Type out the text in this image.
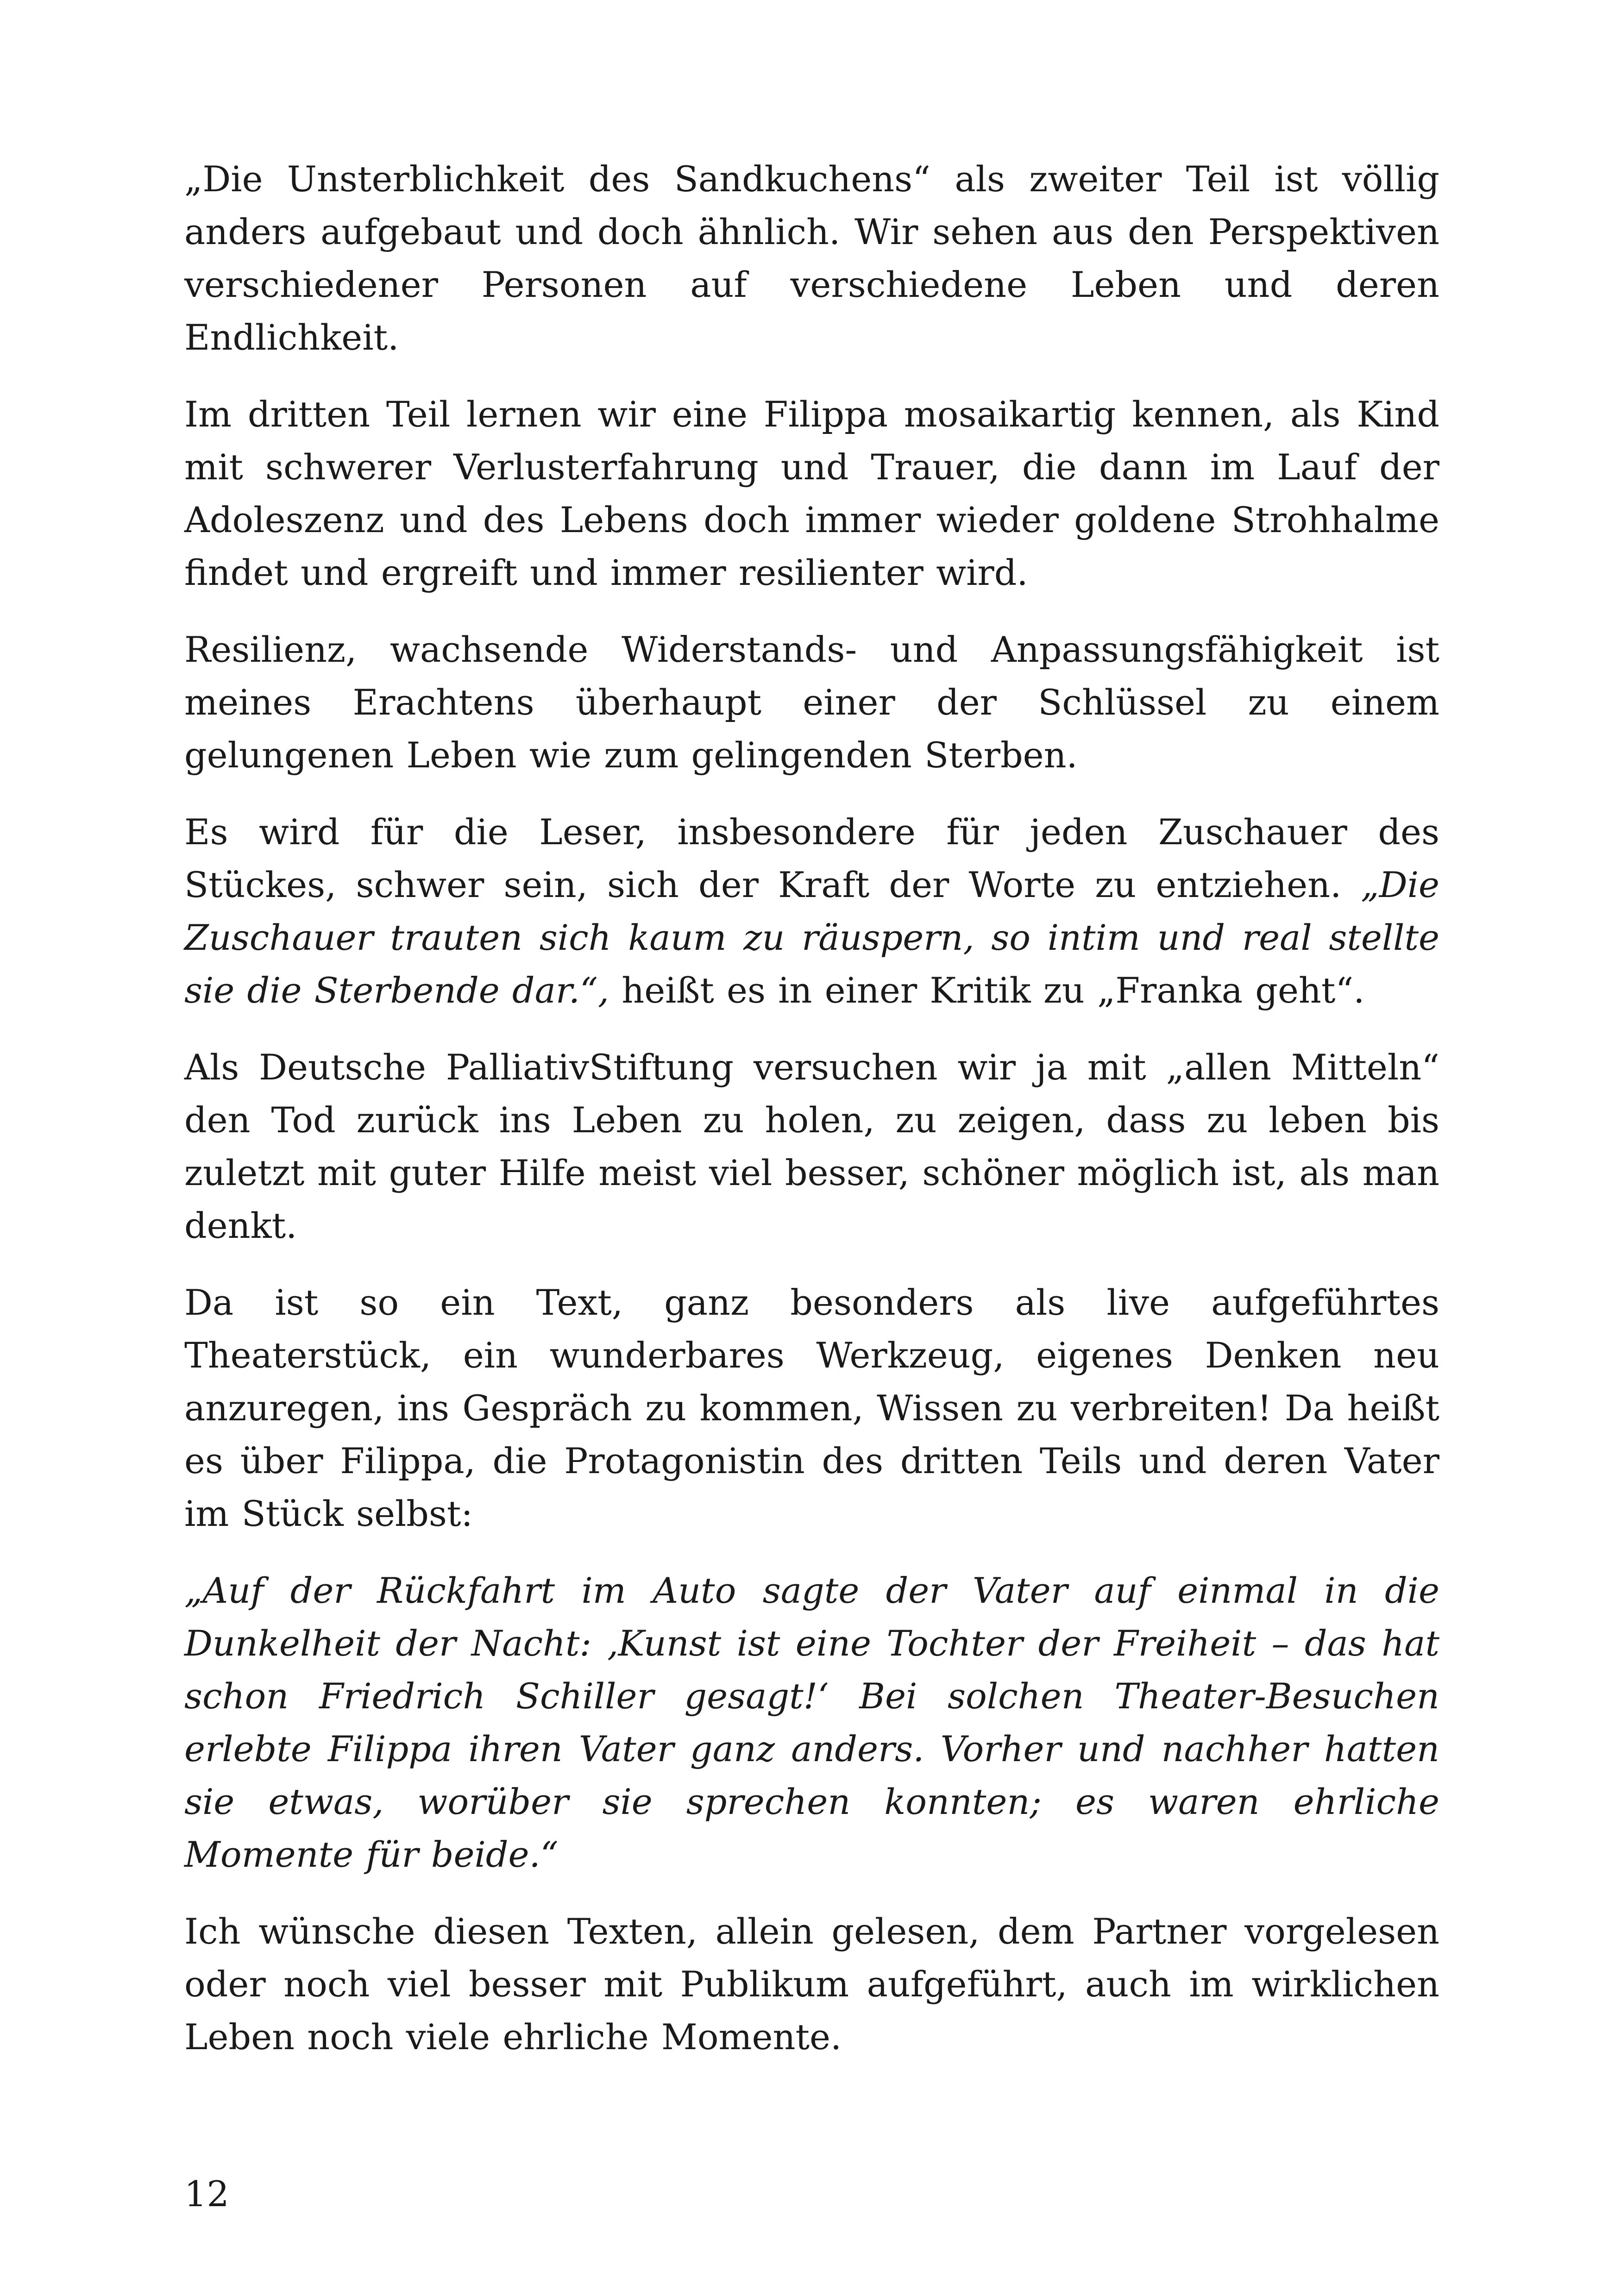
„Die Unsterblichkeit des Sandkuchens“ als zweiter Teil ist völlig anders aufgebaut und doch ähnlich. Wir sehen aus den Perspektiven verschiedener Personen auf verschiedene Leben und deren Endlichkeit.

Im dritten Teil lernen wir eine Filippa mosaikartig kennen, als Kind mit schwerer Verlusterfahrung und Trauer, die dann im Lauf der Adoleszenz und des Lebens doch immer wieder goldene Strohhalme findet und ergreift und immer resilienter wird.

Resilienz, wachsende Widerstands- und Anpassungsfähigkeit ist meines Erachtens überhaupt einer der Schlüssel zu einem gelungenen Leben wie zum gelingenden Sterben.

Es wird für die Leser, insbesondere für jeden Zuschauer des Stückes, schwer sein, sich der Kraft der Worte zu entziehen. „Die Zuschauer trauten sich kaum zu räuspern, so intim und real stellte sie die Sterbende dar.“, heißt es in einer Kritik zu „Franka geht“.

Als Deutsche PalliativStiftung versuchen wir ja mit „allen Mitteln“ den Tod zurück ins Leben zu holen, zu zeigen, dass zu leben bis zuletzt mit guter Hilfe meist viel besser, schöner möglich ist, als man denkt.

Da ist so ein Text, ganz besonders als live aufgeführtes Theaterstück, ein wunderbares Werkzeug, eigenes Denken neu anzuregen, ins Gespräch zu kommen, Wissen zu verbreiten! Da heißt es über Filippa, die Protagonistin des dritten Teils und deren Vater im Stück selbst:

„Auf der Rückfahrt im Auto sagte der Vater auf einmal in die Dunkelheit der Nacht: ‚Kunst ist eine Tochter der Freiheit – das hat schon Friedrich Schiller gesagt!‘ Bei solchen Theater-Besuchen erlebte Filippa ihren Vater ganz anders. Vorher und nachher hatten sie etwas, worüber sie sprechen konnten; es waren ehrliche Momente für beide.“

Ich wünsche diesen Texten, allein gelesen, dem Partner vorgelesen oder noch viel besser mit Publikum aufgeführt, auch im wirklichen Leben noch viele ehrliche Momente.

12
